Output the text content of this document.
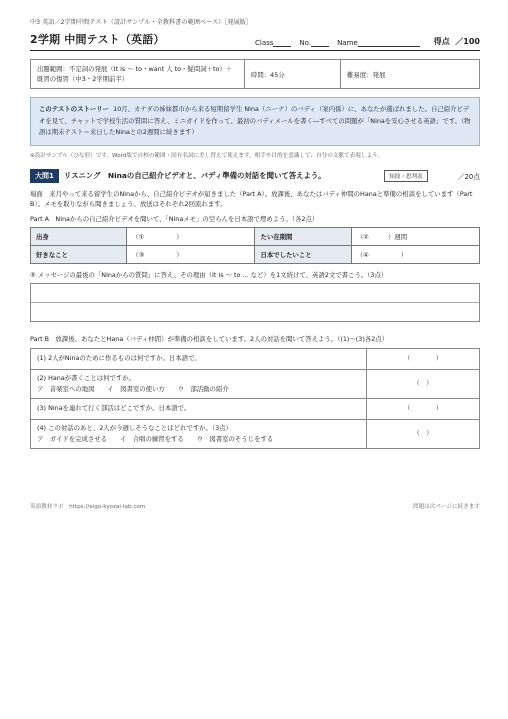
中3 英語／2学期中間テスト（設計サンプル・全教科書の範囲ベース）［発展版］
2学期 中間テスト（英語）	Class	No.	Name	得点 ／100
出題範囲：不定詞の発展（It is ～ to・want 人 to・疑問詞＋to）＋既習の復習（中3・2学期前半）
時間：45分	難易度：発展
このテストのストーリー 10月、カナダの姉妹都市から来る短期留学生 Nina（ニーナ）のバディ（案内係）に、あなたが選ばれました。自己紹介ビデオを見て、チャットで学校生活の質問に答え、ミニガイドを作って、最初のバディメールを書く―すべての問題が「Ninaを安心させる英語」です。（物語は期末テスト＝来日したNinaとの2週間に続きます）
※設計サンプル（ひな形）です。Word版で自校の範囲・固有名詞に差し替えて使えます。相手や目的を意識して、自分の文脈で表現しよう。
大問1	リスニング　Ninaの自己紹介ビデオと、バディ準備の対話を聞いて答えよう。	知技・思判表	／20点
場面　来月やって来る留学生のNinaから、自己紹介ビデオが届きました（Part A）。放課後、あなたはバディ仲間のHanaと準備の相談をしています（Part B）。メモを取りながら聞きましょう。放送はそれぞれ2回流れます。
Part A　Ninaからの自己紹介ビデオを聞いて、「Ninaメモ」の空らんを日本語で埋めよう。（各2点）
出身	（①　　　　　）	たい在期間	（②　　　）週間
好きなこと	（③　　　　　）	日本でしたいこと	（④　　　　　）
⑤ メッセージの最後の「Ninaからの質問」に答え、その理由（It is ～ to ... など）を1文続けて、英語2文で書こう。（3点）
Part B　放課後、あなたとHana（バディ仲間）が準備の相談をしています。2人の対話を聞いて答えよう。（(1)～(3)各2点）
(1) 2人がNinaのために作るものは何ですか。日本語で。	（　　　　）

(2) Hanaが書くことは何ですか。
ア　音楽室への地図　　イ　図書室の使い方　　ウ　部活動の紹介	（　）
(3) Ninaを連れて行く部活はどこですか。日本語で。	（　　　　）

(4) この対話のあと、2人が今週しそうなことはどれですか。（3点）
ア　ガイドを完成させる　　イ　合唱の練習をする　　ウ　図書室のそうじをする	（　）
英語教材ラボ　https://eigo-kyozai-lab.com	問題は次ページに続きます
